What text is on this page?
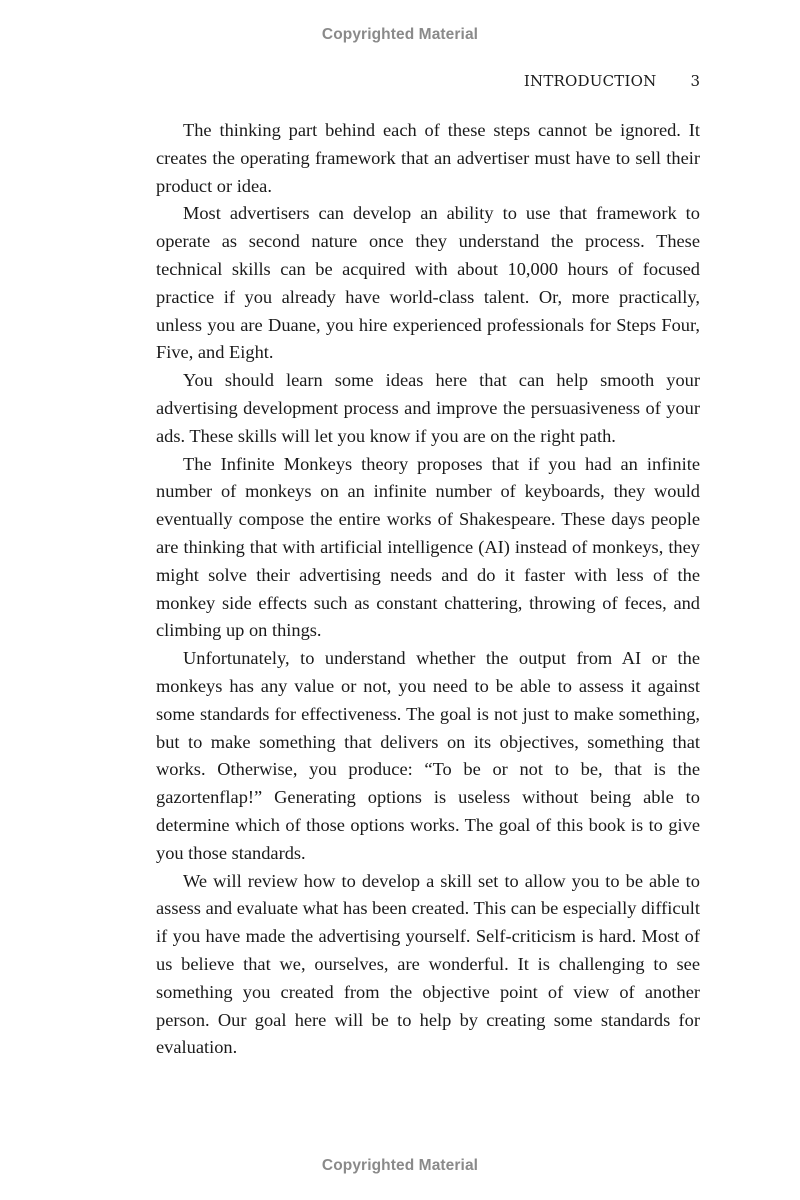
Copyrighted Material
INTRODUCTION 3

The thinking part behind each of these steps cannot be ignored. It creates the operating framework that an advertiser must have to sell their product or idea.

Most advertisers can develop an ability to use that framework to operate as second nature once they understand the process. These technical skills can be acquired with about 10,000 hours of focused practice if you already have world-class talent. Or, more practically, unless you are Duane, you hire experienced professionals for Steps Four, Five, and Eight.

You should learn some ideas here that can help smooth your advertising development process and improve the persuasiveness of your ads. These skills will let you know if you are on the right path.

The Infinite Monkeys theory proposes that if you had an infinite number of monkeys on an infinite number of keyboards, they would eventually compose the entire works of Shakespeare. These days people are thinking that with artificial intelligence (AI) instead of monkeys, they might solve their advertising needs and do it faster with less of the monkey side effects such as constant chattering, throwing of feces, and climbing up on things.

Unfortunately, to understand whether the output from AI or the monkeys has any value or not, you need to be able to assess it against some standards for effectiveness. The goal is not just to make something, but to make something that delivers on its objectives, something that works. Otherwise, you produce: “To be or not to be, that is the gazortenflap!” Generating options is useless without being able to determine which of those options works. The goal of this book is to give you those standards.

We will review how to develop a skill set to allow you to be able to assess and evaluate what has been created. This can be especially difficult if you have made the advertising yourself. Self-criticism is hard. Most of us believe that we, ourselves, are wonderful. It is challenging to see something you created from the objective point of view of another person. Our goal here will be to help by creating some standards for evaluation.

Copyrighted Material
